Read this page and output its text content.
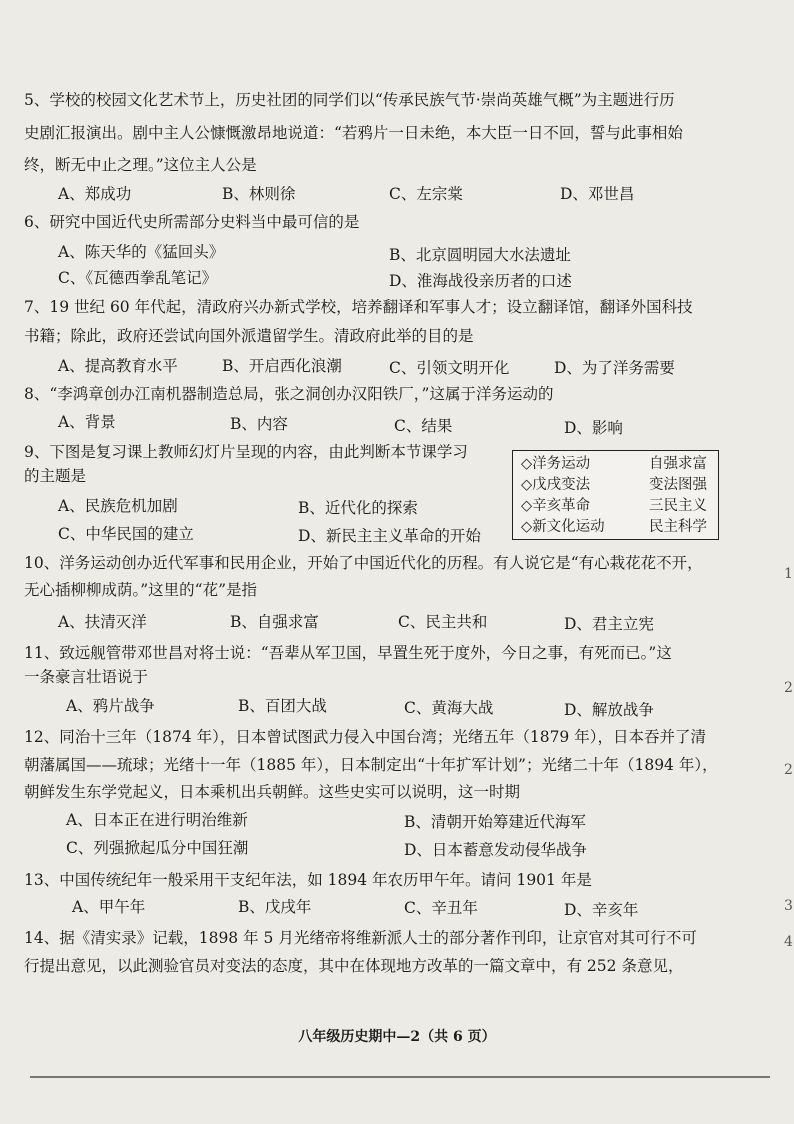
5、学校的校园文化艺术节上，历史社团的同学们以“传承民族气节·崇尚英雄气概”为主题进行历
史剧汇报演出。剧中主人公慷慨激昂地说道：“若鸦片一日未绝，本大臣一日不回，誓与此事相始
终，断无中止之理。”这位主人公是
A、郑成功	B、林则徐	C、左宗棠	D、邓世昌
6、研究中国近代史所需部分史料当中最可信的是
A、陈天华的《猛回头》	B、北京圆明园大水法遗址
C、《瓦德西拳乱笔记》	D、淮海战役亲历者的口述
7、19 世纪 60 年代起，清政府兴办新式学校，培养翻译和军事人才；设立翻译馆，翻译外国科技
书籍；除此，政府还尝试向国外派遣留学生。清政府此举的目的是
A、提高教育水平	B、开启西化浪潮	C、引领文明开化	D、为了洋务需要
8、“李鸿章创办江南机器制造总局，张之洞创办汉阳铁厂，”这属于洋务运动的
A、背景	B、内容	C、结果	D、影响
9、下图是复习课上教师幻灯片呈现的内容，由此判断本节课学习
的主题是
A、民族危机加剧	B、近代化的探索
C、中华民国的建立	D、新民主主义革命的开始
◇洋务运动	自强求富
◇戊戌变法	变法图强
◇辛亥革命	三民主义
◇新文化运动	民主科学
10、洋务运动创办近代军事和民用企业，开始了中国近代化的历程。有人说它是“有心栽花花不开，
无心插柳柳成荫。”这里的“花”是指
A、扶清灭洋	B、自强求富	C、民主共和	D、君主立宪
11、致远舰管带邓世昌对将士说：“吾辈从军卫国，早置生死于度外，今日之事，有死而已。”这
一条豪言壮语说于
A、鸦片战争	B、百团大战	C、黄海大战	D、解放战争
12、同治十三年（1874 年），日本曾试图武力侵入中国台湾；光绪五年（1879 年），日本吞并了清
朝藩属国——琉球；光绪十一年（1885 年），日本制定出“十年扩军计划”；光绪二十年（1894 年），
朝鲜发生东学党起义，日本乘机出兵朝鲜。这些史实可以说明，这一时期
A、日本正在进行明治维新	B、清朝开始筹建近代海军
C、列强掀起瓜分中国狂潮	D、日本蓄意发动侵华战争
13、中国传统纪年一般采用干支纪年法，如 1894 年农历甲午年。请问 1901 年是
A、甲午年	B、戊戌年	C、辛丑年	D、辛亥年
14、据《清实录》记载，1898 年 5 月光绪帝将维新派人士的部分著作刊印，让京官对其可行不可
行提出意见，以此测验官员对变法的态度，其中在体现地方改革的一篇文章中，有 252 条意见，
八年级历史期中—2（共 6 页）
1
2
2
3
4
